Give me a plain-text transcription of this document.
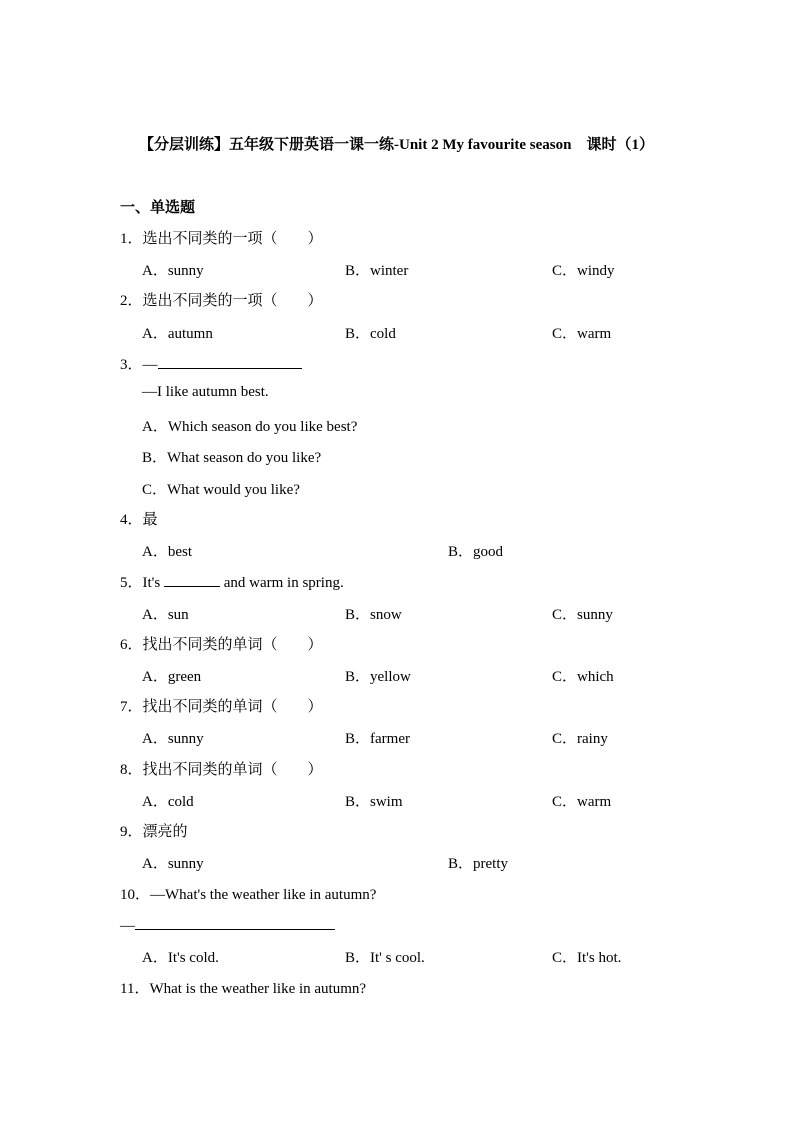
【分层训练】五年级下册英语一课一练-Unit 2 My favourite season　课时（1）
一、单选题
1．选出不同类的一项（　　）
A．sunny	B．winter	C．windy
2．选出不同类的一项（　　）
A．autumn	B．cold	C．warm
3．—
—I like autumn best.
A．Which season do you like best?
B．What season do you like?
C．What would you like?
4．最
A．best	B．good
5．It's	and warm in spring.
A．sun	B．snow	C．sunny
6．找出不同类的单词（　　）
A．green	B．yellow	C．which
7．找出不同类的单词（　　）
A．sunny	B．farmer	C．rainy
8．找出不同类的单词（　　）
A．cold	B．swim	C．warm
9．漂亮的
A．sunny	B．pretty
10．—What's the weather like in autumn?
—
A．It's cold.	B．It' s cool.	C．It's hot.
11．What is the weather like in autumn?
